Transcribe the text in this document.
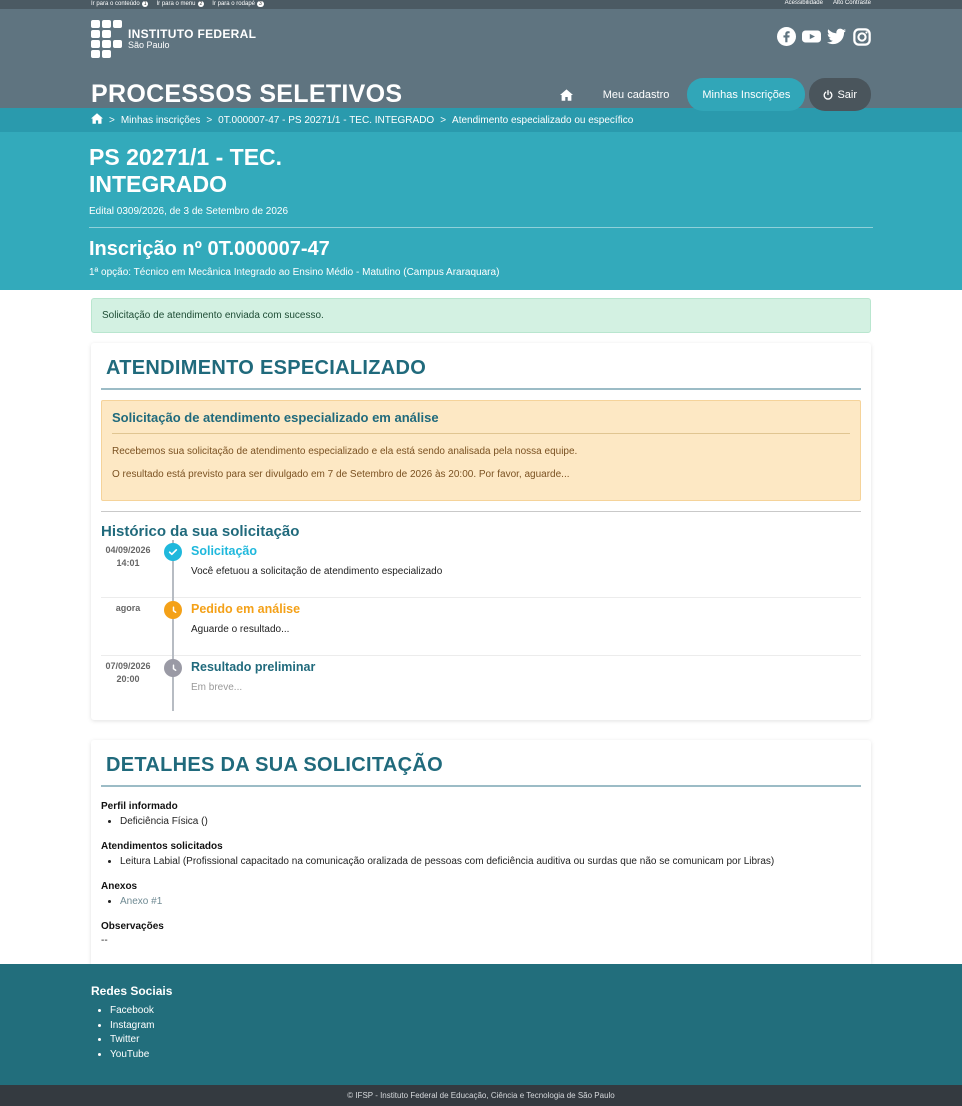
Ir para o conteúdo 1	Ir para o menu 2	Ir para o rodapé 3	Acessibilidade Alto Contraste
INSTITUTO FEDERAL
São Paulo
PROCESSOS SELETIVOS	Meu cadastro	Minhas Inscrições	Sair
> Minhas inscrições > 0T.000007-47 - PS 20271/1 - TEC. INTEGRADO > Atendimento especializado ou específico
PS 20271/1 - TEC. INTEGRADO
Edital 0309/2026, de 3 de Setembro de 2026
Inscrição nº 0T.000007-47
1ª opção: Técnico em Mecânica Integrado ao Ensino Médio - Matutino (Campus Araraquara)
Solicitação de atendimento enviada com sucesso.
ATENDIMENTO ESPECIALIZADO
Solicitação de atendimento especializado em análise

Recebemos sua solicitação de atendimento especializado e ela está sendo analisada pela nossa equipe.

O resultado está previsto para ser divulgado em 7 de Setembro de 2026 às 20:00. Por favor, aguarde...

Histórico da sua solicitação
04/09/2026
14:01
Solicitação
Você efetuou a solicitação de atendimento especializado
agora	Pedido em análise
Aguarde o resultado...
07/09/2026
20:00
Resultado preliminar
Em breve...
DETALHES DA SUA SOLICITAÇÃO
Perfil informado
• Deficiência Física ()
Atendimentos solicitados
• Leitura Labial (Profissional capacitado na comunicação oralizada de pessoas com deficiência auditiva ou surdas que não se comunicam por Libras)
Anexos
• Anexo #1
Observações
--
Redes Sociais
• Facebook
• Instagram
• Twitter
• YouTube
© IFSP - Instituto Federal de Educação, Ciência e Tecnologia de São Paulo
